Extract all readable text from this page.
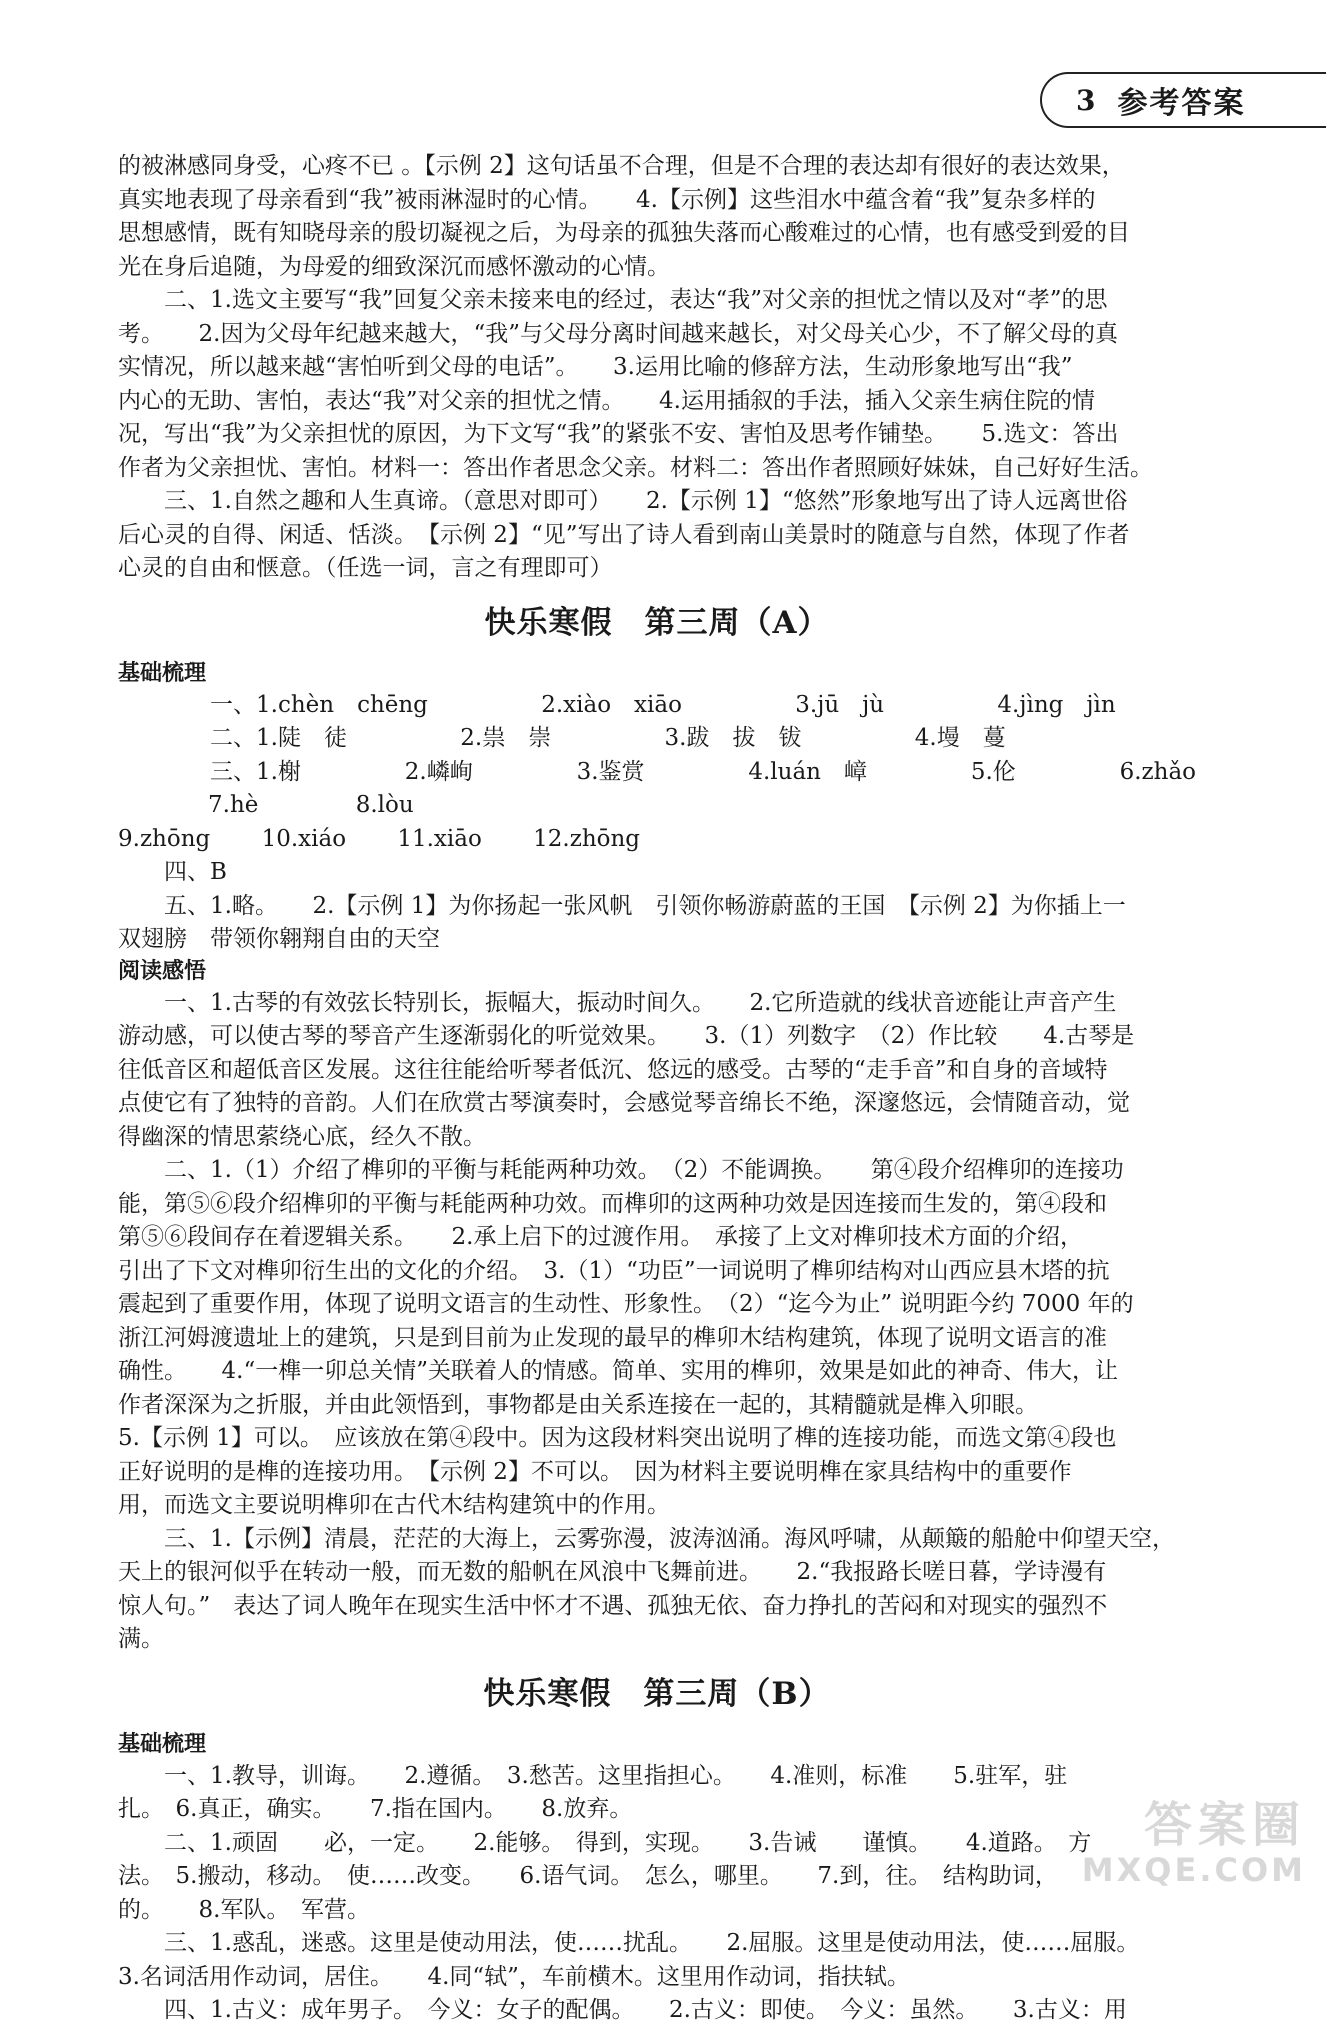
3 参考答案

的被淋感同身受，心疼不已 。【示例 2】这句话虽不合理，但是不合理的表达却有很好的表达效果，

真实地表现了母亲看到“我”被雨淋湿时的心情。　　4.【示例】这些泪水中蕴含着“我”复杂多样的

思想感情，既有知晓母亲的殷切凝视之后，为母亲的孤独失落而心酸难过的心情，也有感受到爱的目

光在身后追随，为母爱的细致深沉而感怀激动的心情。

二、1.选文主要写“我”回复父亲未接来电的经过，表达“我”对父亲的担忧之情以及对“孝”的思

考。　　2.因为父母年纪越来越大，“我”与父母分离时间越来越长，对父母关心少，不了解父母的真

实情况，所以越来越“害怕听到父母的电话”。　　3.运用比喻的修辞方法，生动形象地写出“我”

内心的无助、害怕，表达“我”对父亲的担忧之情。　　4.运用插叙的手法，插入父亲生病住院的情

况，写出“我”为父亲担忧的原因，为下文写“我”的紧张不安、害怕及思考作铺垫。　　5.选文：答出

作者为父亲担忧、害怕。材料一：答出作者思念父亲。材料二：答出作者照顾好妹妹，自己好好生活。

三、1.自然之趣和人生真谛。（意思对即可）　　2.【示例 1】“悠然”形象地写出了诗人远离世俗

后心灵的自得、闲适、恬淡。　【示例 2】“见”写出了诗人看到南山美景时的随意与自然，体现了作者

心灵的自由和惬意。（任选一词，言之有理即可）

快乐寒假　第三周（A）
基础梳理

一、1.chèn　chēng	2.xiào　xiāo	3.jū　jù	4.jìng　jìn

二、1.陡　徒	2.祟　崇	3.跋　拔　钹	4.墁　蔓

三、1.榭	2.嶙峋	3.鉴赏	4.luán　嶂	5.伦	6.zhǎo 7.hè	8.lòu

9.zhōng 10.xiáo 11.xiāo 12.zhōng

四、B

五、1.略。　　2.【示例 1】为你扬起一张风帆　引领你畅游蔚蓝的王国　【示例 2】为你插上一

双翅膀　带领你翱翔自由的天空

阅读感悟

一、1.古琴的有效弦长特别长，振幅大，振动时间久。　　2.它所造就的线状音迹能让声音产生

游动感，可以使古琴的琴音产生逐渐弱化的听觉效果。　　3.（1）列数字　（2）作比较　　4.古琴是

往低音区和超低音区发展。这往往能给听琴者低沉、悠远的感受。古琴的“走手音”和自身的音域特

点使它有了独特的音韵。人们在欣赏古琴演奏时，会感觉琴音绵长不绝，深邃悠远，会情随音动，觉

得幽深的情思萦绕心底，经久不散。

二、1.（1）介绍了榫卯的平衡与耗能两种功效。　（2）不能调换。　　第④段介绍榫卯的连接功

能，第⑤⑥段介绍榫卯的平衡与耗能两种功效。而榫卯的这两种功效是因连接而生发的，第④段和

第⑤⑥段间存在着逻辑关系。　　2.承上启下的过渡作用。　承接了上文对榫卯技术方面的介绍，

引出了下文对榫卯衍生出的文化的介绍。　3.（1）“功臣”一词说明了榫卯结构对山西应县木塔的抗

震起到了重要作用，体现了说明文语言的生动性、形象性。　（2）“迄今为止” 说明距今约 7000 年的

浙江河姆渡遗址上的建筑，只是到目前为止发现的最早的榫卯木结构建筑，体现了说明文语言的准

确性。　　4.“一榫一卯总关情”关联着人的情感。简单、实用的榫卯，效果是如此的神奇、伟大，让

作者深深为之折服，并由此领悟到，事物都是由关系连接在一起的，其精髓就是榫入卯眼。

5.【示例 1】可以。　应该放在第④段中。因为这段材料突出说明了榫的连接功能，而选文第④段也

正好说明的是榫的连接功用。　【示例 2】不可以。　因为材料主要说明榫在家具结构中的重要作

用，而选文主要说明榫卯在古代木结构建筑中的作用。

三、1.【示例】清晨，茫茫的大海上，云雾弥漫，波涛汹涌。海风呼啸，从颠簸的船舱中仰望天空，

天上的银河似乎在转动一般，而无数的船帆在风浪中飞舞前进。　　2.“我报路长嗟日暮，学诗漫有

惊人句。”　表达了词人晚年在现实生活中怀才不遇、孤独无依、奋力挣扎的苦闷和对现实的强烈不

满。

快乐寒假　第三周（B）
基础梳理

一、1.教导，训诲。　　2.遵循。　3.愁苦。这里指担心。　　4.准则，标准　　5.驻军，驻

扎。　6.真正，确实。　　7.指在国内。　　8.放弃。

二、1.顽固　　必，一定。　　2.能够。　得到，实现。　　3.告诫　　谨慎。　　4.道路。　方

法。　5.搬动，移动。　使……改变。　　6.语气词。　怎么，哪里。　　7.到，往。　结构助词，

的。　　8.军队。　军营。

三、1.惑乱，迷惑。这里是使动用法，使……扰乱。　　2.屈服。这里是使动用法，使……屈服。

3.名词活用作动词，居住。　　4.同“轼”，车前横木。这里用作动词，指扶轼。

四、1.古义：成年男子。　今义：女子的配偶。　　2.古义：即使。　今义：虽然。　　3.古义：用

答案圈
MXQE.COM
